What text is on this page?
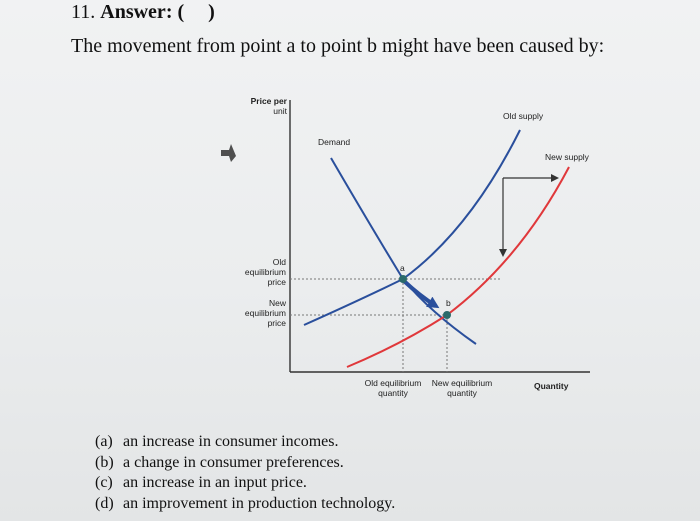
11. Answer: ( )
The movement from point a to point b might have been caused by:
Price per
unit
Demand
Old supply
New supply
a
b
Old
equilibrium
price
New
equilibrium
price
Old equilibrium
quantity
New equilibrium
quantity
Quantity
(a) an increase in consumer incomes.
(b) a change in consumer preferences.
(c) an increase in an input price.
(d) an improvement in production technology.
